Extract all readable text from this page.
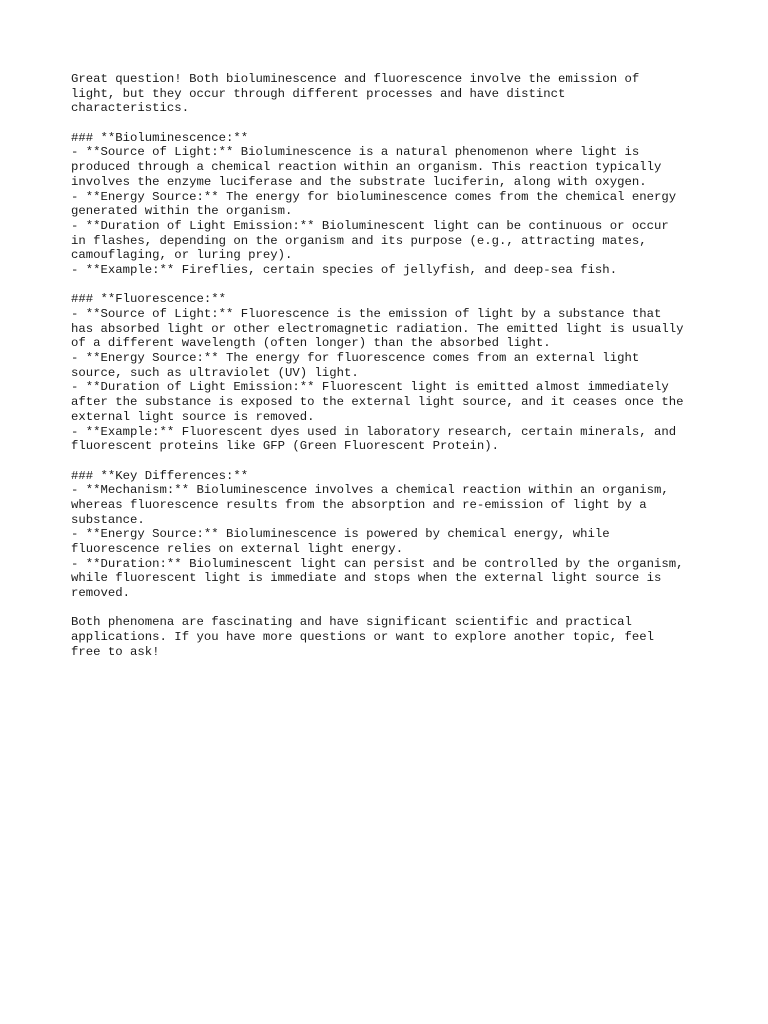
Great question! Both bioluminescence and fluorescence involve the emission of
light, but they occur through different processes and have distinct
characteristics.
### **Bioluminescence:**
- **Source of Light:** Bioluminescence is a natural phenomenon where light is
produced through a chemical reaction within an organism. This reaction typically
involves the enzyme luciferase and the substrate luciferin, along with oxygen.
- **Energy Source:** The energy for bioluminescence comes from the chemical energy
generated within the organism.
- **Duration of Light Emission:** Bioluminescent light can be continuous or occur
in flashes, depending on the organism and its purpose (e.g., attracting mates,
camouflaging, or luring prey).
- **Example:** Fireflies, certain species of jellyfish, and deep-sea fish.
### **Fluorescence:**
- **Source of Light:** Fluorescence is the emission of light by a substance that
has absorbed light or other electromagnetic radiation. The emitted light is usually
of a different wavelength (often longer) than the absorbed light.
- **Energy Source:** The energy for fluorescence comes from an external light
source, such as ultraviolet (UV) light.
- **Duration of Light Emission:** Fluorescent light is emitted almost immediately
after the substance is exposed to the external light source, and it ceases once the
external light source is removed.
- **Example:** Fluorescent dyes used in laboratory research, certain minerals, and
fluorescent proteins like GFP (Green Fluorescent Protein).
### **Key Differences:**
- **Mechanism:** Bioluminescence involves a chemical reaction within an organism,
whereas fluorescence results from the absorption and re-emission of light by a
substance.
- **Energy Source:** Bioluminescence is powered by chemical energy, while
fluorescence relies on external light energy.
- **Duration:** Bioluminescent light can persist and be controlled by the organism,
while fluorescent light is immediate and stops when the external light source is
removed.
Both phenomena are fascinating and have significant scientific and practical
applications. If you have more questions or want to explore another topic, feel
free to ask!
